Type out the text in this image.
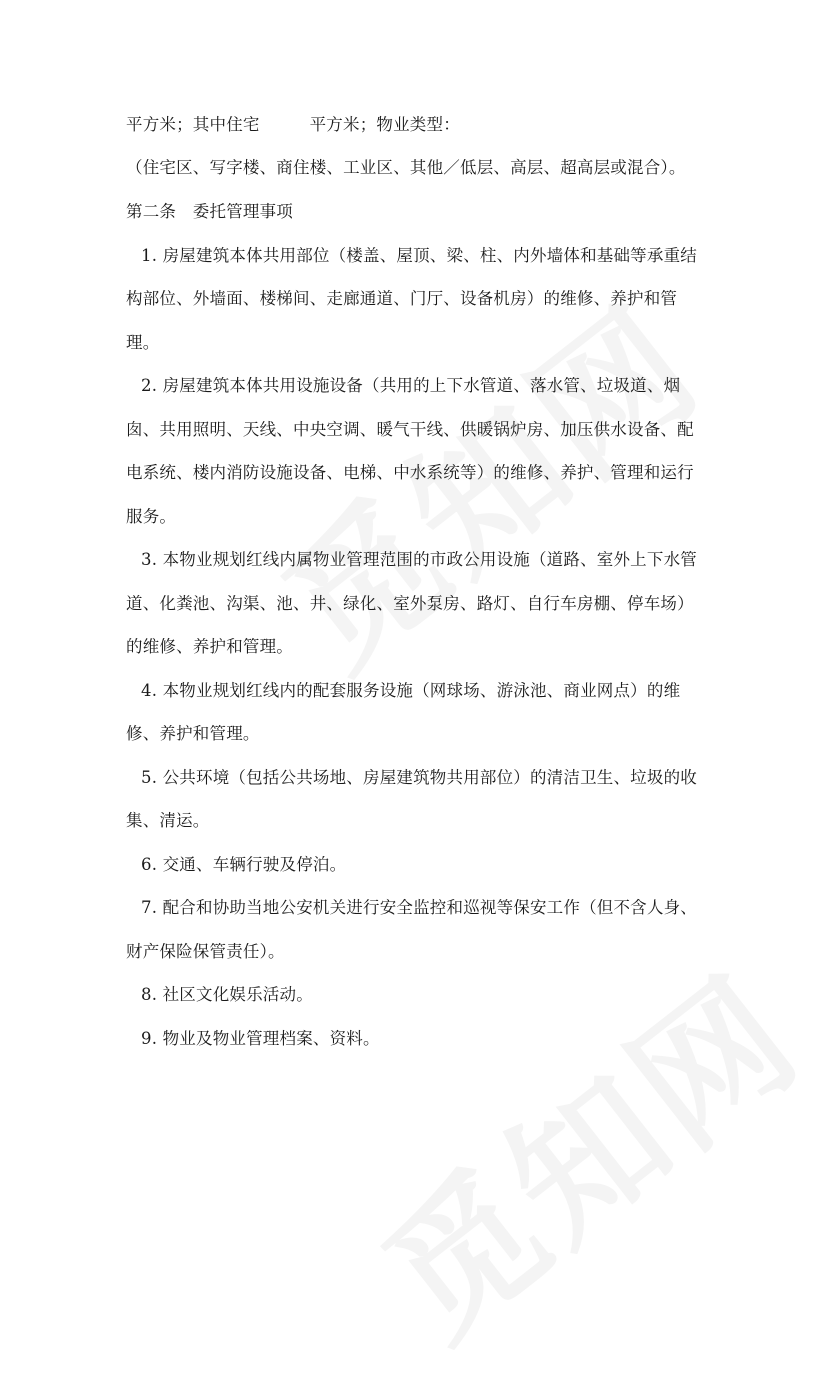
平方米；其中住宅	平方米；物业类型：
（住宅区、写字楼、商住楼、工业区、其他／低层、高层、超高层或混合）。
第二条　委托管理事项
1. 房屋建筑本体共用部位（楼盖、屋顶、梁、柱、内外墙体和基础等承重结
构部位、外墙面、楼梯间、走廊通道、门厅、设备机房）的维修、养护和管
理。
2. 房屋建筑本体共用设施设备（共用的上下水管道、落水管、垃圾道、烟
囱、共用照明、天线、中央空调、暖气干线、供暖锅炉房、加压供水设备、配
电系统、楼内消防设施设备、电梯、中水系统等）的维修、养护、管理和运行
服务。
3. 本物业规划红线内属物业管理范围的市政公用设施（道路、室外上下水管
道、化粪池、沟渠、池、井、绿化、室外泵房、路灯、自行车房棚、停车场）
的维修、养护和管理。
4. 本物业规划红线内的配套服务设施（网球场、游泳池、商业网点）的维
修、养护和管理。
5. 公共环境（包括公共场地、房屋建筑物共用部位）的清洁卫生、垃圾的收
集、清运。
6. 交通、车辆行驶及停泊。
7. 配合和协助当地公安机关进行安全监控和巡视等保安工作（但不含人身、
财产保险保管责任）。
8. 社区文化娱乐活动。
9. 物业及物业管理档案、资料。
